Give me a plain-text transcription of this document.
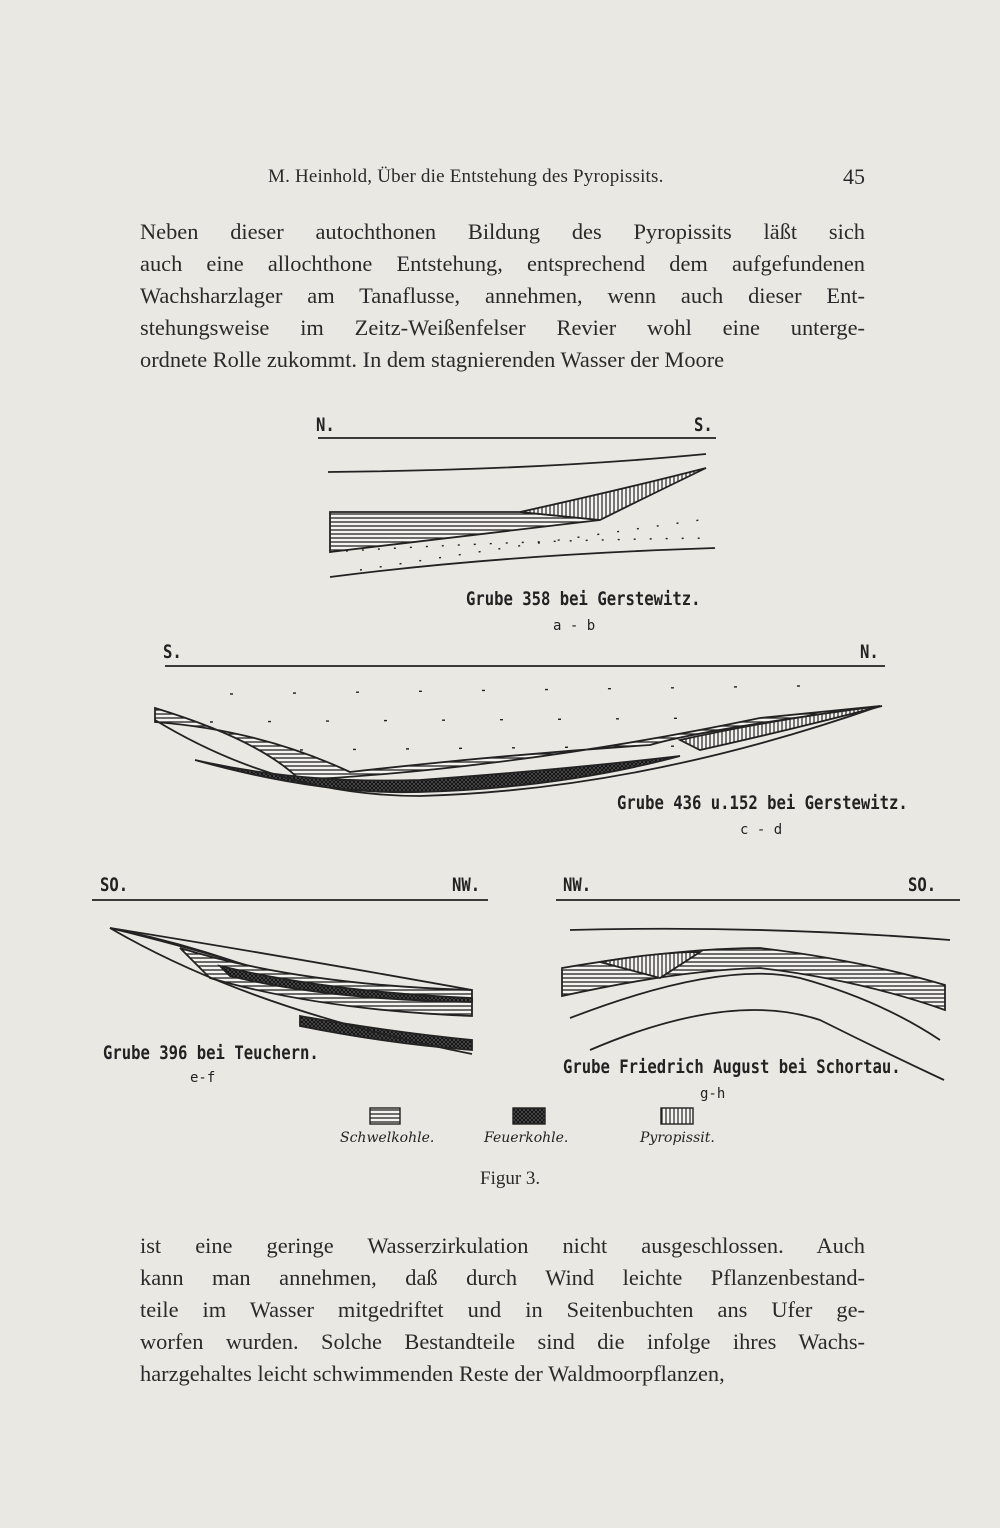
M. Heinhold, Über die Entstehung des Pyropissits.	45
Neben dieser autochthonen Bildung des Pyropissits läßt sich
auch eine allochthone Entstehung, entsprechend dem aufgefundenen
Wachsharzlager am Tanaflusse, annehmen, wenn auch dieser Ent-
stehungsweise im Zeitz-Weißenfelser Revier wohl eine unterge-
ordnete Rolle zukommt. In dem stagnierenden Wasser der Moore
N.	S.
Grube 358 bei Gerstewitz.
a - b
S.	N.
Grube 436 u.152 bei Gerstewitz.
c - d
SO.	NW.
Grube 396 bei Teuchern.
e-f
NW.	SO.
Grube Friedrich August bei Schortau.
g-h
Schwelkohle.	Feuerkohle.	Pyropissit.
Figur 3.
ist eine geringe Wasserzirkulation nicht ausgeschlossen. Auch
kann man annehmen, daß durch Wind leichte Pflanzenbestand-
teile im Wasser mitgedriftet und in Seitenbuchten ans Ufer ge-
worfen wurden. Solche Bestandteile sind die infolge ihres Wachs-
harzgehaltes leicht schwimmenden Reste der Waldmoorpflanzen,
